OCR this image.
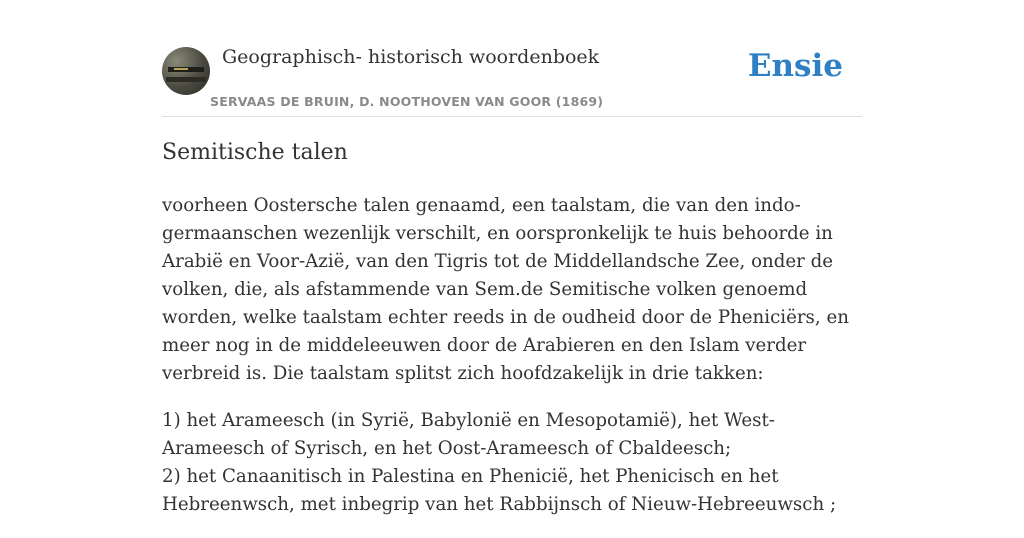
Geographisch- historisch woordenboek
SERVAAS DE BRUIN, D. NOOTHOVEN VAN GOOR (1869)
Ensie
Semitische talen

voorheen Oostersche talen genaamd, een taalstam, die van den indo-germaanschen wezenlijk verschilt, en oorspronkelijk te huis behoorde in Arabië en Voor-Azië, van den Tigris tot de Middellandsche Zee, onder de volken, die, als afstammende van Sem.de Semitische volken genoemd worden, welke taalstam echter reeds in de oudheid door de Pheniciërs, en meer nog in de middeleeuwen door de Arabieren en den Islam verder verbreid is. Die taalstam splitst zich hoofdzakelijk in drie takken:

1) het Arameesch (in Syrië, Babylonië en Mesopotamië), het West-Arameesch of Syrisch, en het Oost-Arameesch of Cbaldeesch;
2) het Canaanitisch in Palestina en Phenicië, het Phenicisch en het Hebreenwsch, met inbegrip van het Rabbijnsch of Nieuw-Hebreeuwsch ;
